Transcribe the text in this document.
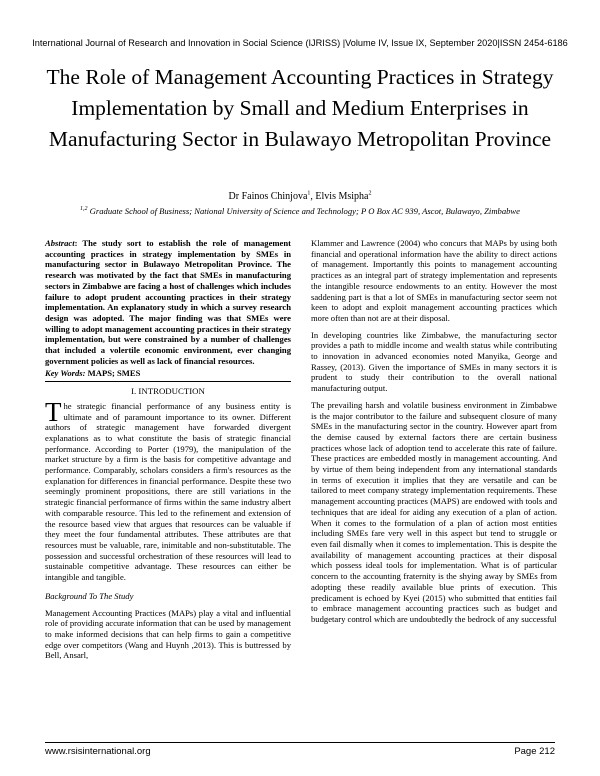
International Journal of Research and Innovation in Social Science (IJRISS) |Volume IV, Issue IX, September 2020|ISSN 2454-6186
The Role of Management Accounting Practices in Strategy Implementation by Small and Medium Enterprises in Manufacturing Sector in Bulawayo Metropolitan Province
Dr Fainos Chinjova$^1$, Elvis Msipha$^2$
$^{1,2}$ Graduate School of Business; National University of Science and Technology; P O Box AC 939, Ascot, Bulawayo, Zimbabwe

Abstract: The study sort to establish the role of management accounting practices in strategy implementation by SMEs in manufacturing sector in Bulawayo Metropolitan Province. The research was motivated by the fact that SMEs in manufacturing sectors in Zimbabwe are facing a host of challenges which includes failure to adopt prudent accounting practices in their strategy implementation. An explanatory study in which a survey research design was adopted. The major finding was that SMEs were willing to adopt management accounting practices in their strategy implementation, but were constrained by a number of challenges that included a volertile economic environment, ever changing government policies as well as lack of financial resources.

Key Words: MAPS; SMES

I. INTRODUCTION

The strategic financial performance of any business entity is ultimate and of paramount importance to its owner. Different authors of strategic management have forwarded divergent explanations as to what constitute the basis of strategic financial performance. According to Porter (1979), the manipulation of the market structure by a firm is the basis for competitive advantage and performance. Comparably, scholars considers a firm's resources as the explanation for differences in financial performance. Despite these two seemingly prominent propositions, there are still variations in the strategic financial performance of firms within the same industry albert with comparable resource. This led to the refinement and extension of the resource based view that argues that resources can be valuable if they meet the four fundamental attributes. These attributes are that resources must be valuable, rare, inimitable and non-substitutable. The possession and successful orchestration of these resources will lead to sustainable competitive advantage. These resources can either be intangible and tangible.

Background To The Study

Management Accounting Practices (MAPs) play a vital and influential role of providing accurate information that can be used by management to make informed decisions that can help firms to gain a competitive edge over competitors (Wang and Huynh ,2013). This is buttressed by Bell, Ansarl,

Klammer and Lawrence (2004) who concurs that MAPs by using both financial and operational information have the ability to direct actions of management. Importantly this points to management accounting practices as an integral part of strategy implementation and represents the intangible resource endowments to an entity. However the most saddening part is that a lot of SMEs in manufacturing sector seem not keen to adopt and exploit management accounting practices which more often than not are at their disposal.

In developing countries like Zimbabwe, the manufacturing sector provides a path to middle income and wealth status while contributing to innovation in advanced economies noted Manyika, George and Rassey, (2013). Given the importance of SMEs in many sectors it is prudent to study their contribution to the overall national manufacturing output.

The prevailing harsh and volatile business environment in Zimbabwe is the major contributor to the failure and subsequent closure of many SMEs in the manufacturing sector in the country. However apart from the demise caused by external factors there are certain business practices whose lack of adoption tend to accelerate this rate of failure. These practices are embedded mostly in management accounting. And by virtue of them being independent from any international standards in terms of execution it implies that they are versatile and can be tailored to meet company strategy implementation requirements. These management accounting practices (MAPS) are endowed with tools and techniques that are ideal for aiding any execution of a plan of action. When it comes to the formulation of a plan of action most entities including SMEs fare very well in this aspect but tend to struggle or even fail dismally when it comes to implementation. This is despite the availability of management accounting practices at their disposal which possess ideal tools for implementation. What is of particular concern to the accounting fraternity is the shying away by SMEs from adopting these readily available blue prints of execution. This predicament is echoed by Kyei (2015) who submitted that entities fail to embrace management accounting practices such as budget and budgetary control which are undoubtedly the bedrock of any successful

www.rsisinternational.org	Page 212
